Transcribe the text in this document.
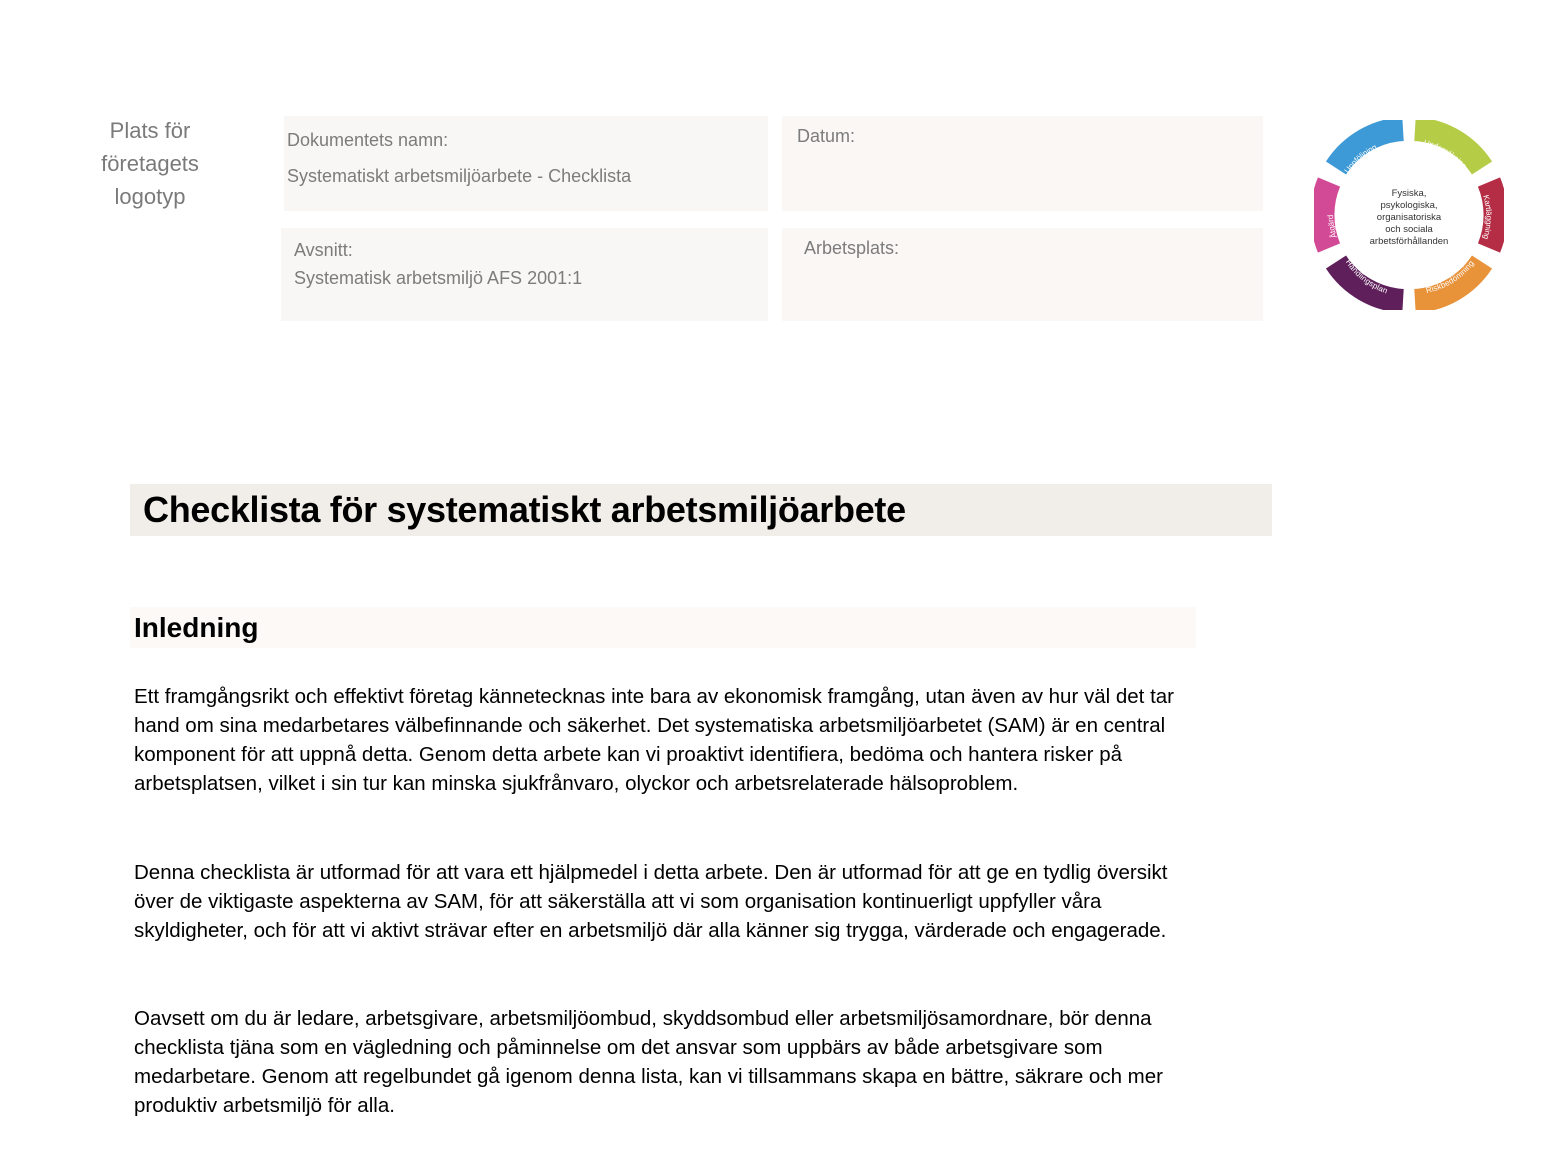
Plats för
företagets
logotyp
Dokumentets namn:
Systematiskt arbetsmiljöarbete - Checklista
Avsnitt:
Systematisk arbetsmiljö AFS 2001:1
Datum:
Arbetsplats:
Undersökning
Kartläggning
Riskbedömning
Handlingsplan
Åtgärd
Uppföljning
Fysiska,
psykologiska,
organisatoriska
och sociala
arbetsförhållanden
Checklista för systematiskt arbetsmiljöarbete
Inledning

Ett framgångsrikt och effektivt företag kännetecknas inte bara av ekonomisk framgång, utan även av hur väl det tar hand om sina medarbetares välbefinnande och säkerhet. Det systematiska arbetsmiljöarbetet (SAM) är en central komponent för att uppnå detta. Genom detta arbete kan vi proaktivt identifiera, bedöma och hantera risker på arbetsplatsen, vilket i sin tur kan minska sjukfrånvaro, olyckor och arbetsrelaterade hälsoproblem.

Denna checklista är utformad för att vara ett hjälpmedel i detta arbete. Den är utformad för att ge en tydlig översikt över de viktigaste aspekterna av SAM, för att säkerställa att vi som organisation kontinuerligt uppfyller våra skyldigheter, och för att vi aktivt strävar efter en arbetsmiljö där alla känner sig trygga, värderade och engagerade.

Oavsett om du är ledare, arbetsgivare, arbetsmiljöombud, skyddsombud eller arbetsmiljösamordnare, bör denna checklista tjäna som en vägledning och påminnelse om det ansvar som uppbärs av både arbetsgivare som medarbetare. Genom att regelbundet gå igenom denna lista, kan vi tillsammans skapa en bättre, säkrare och mer produktiv arbetsmiljö för alla.
